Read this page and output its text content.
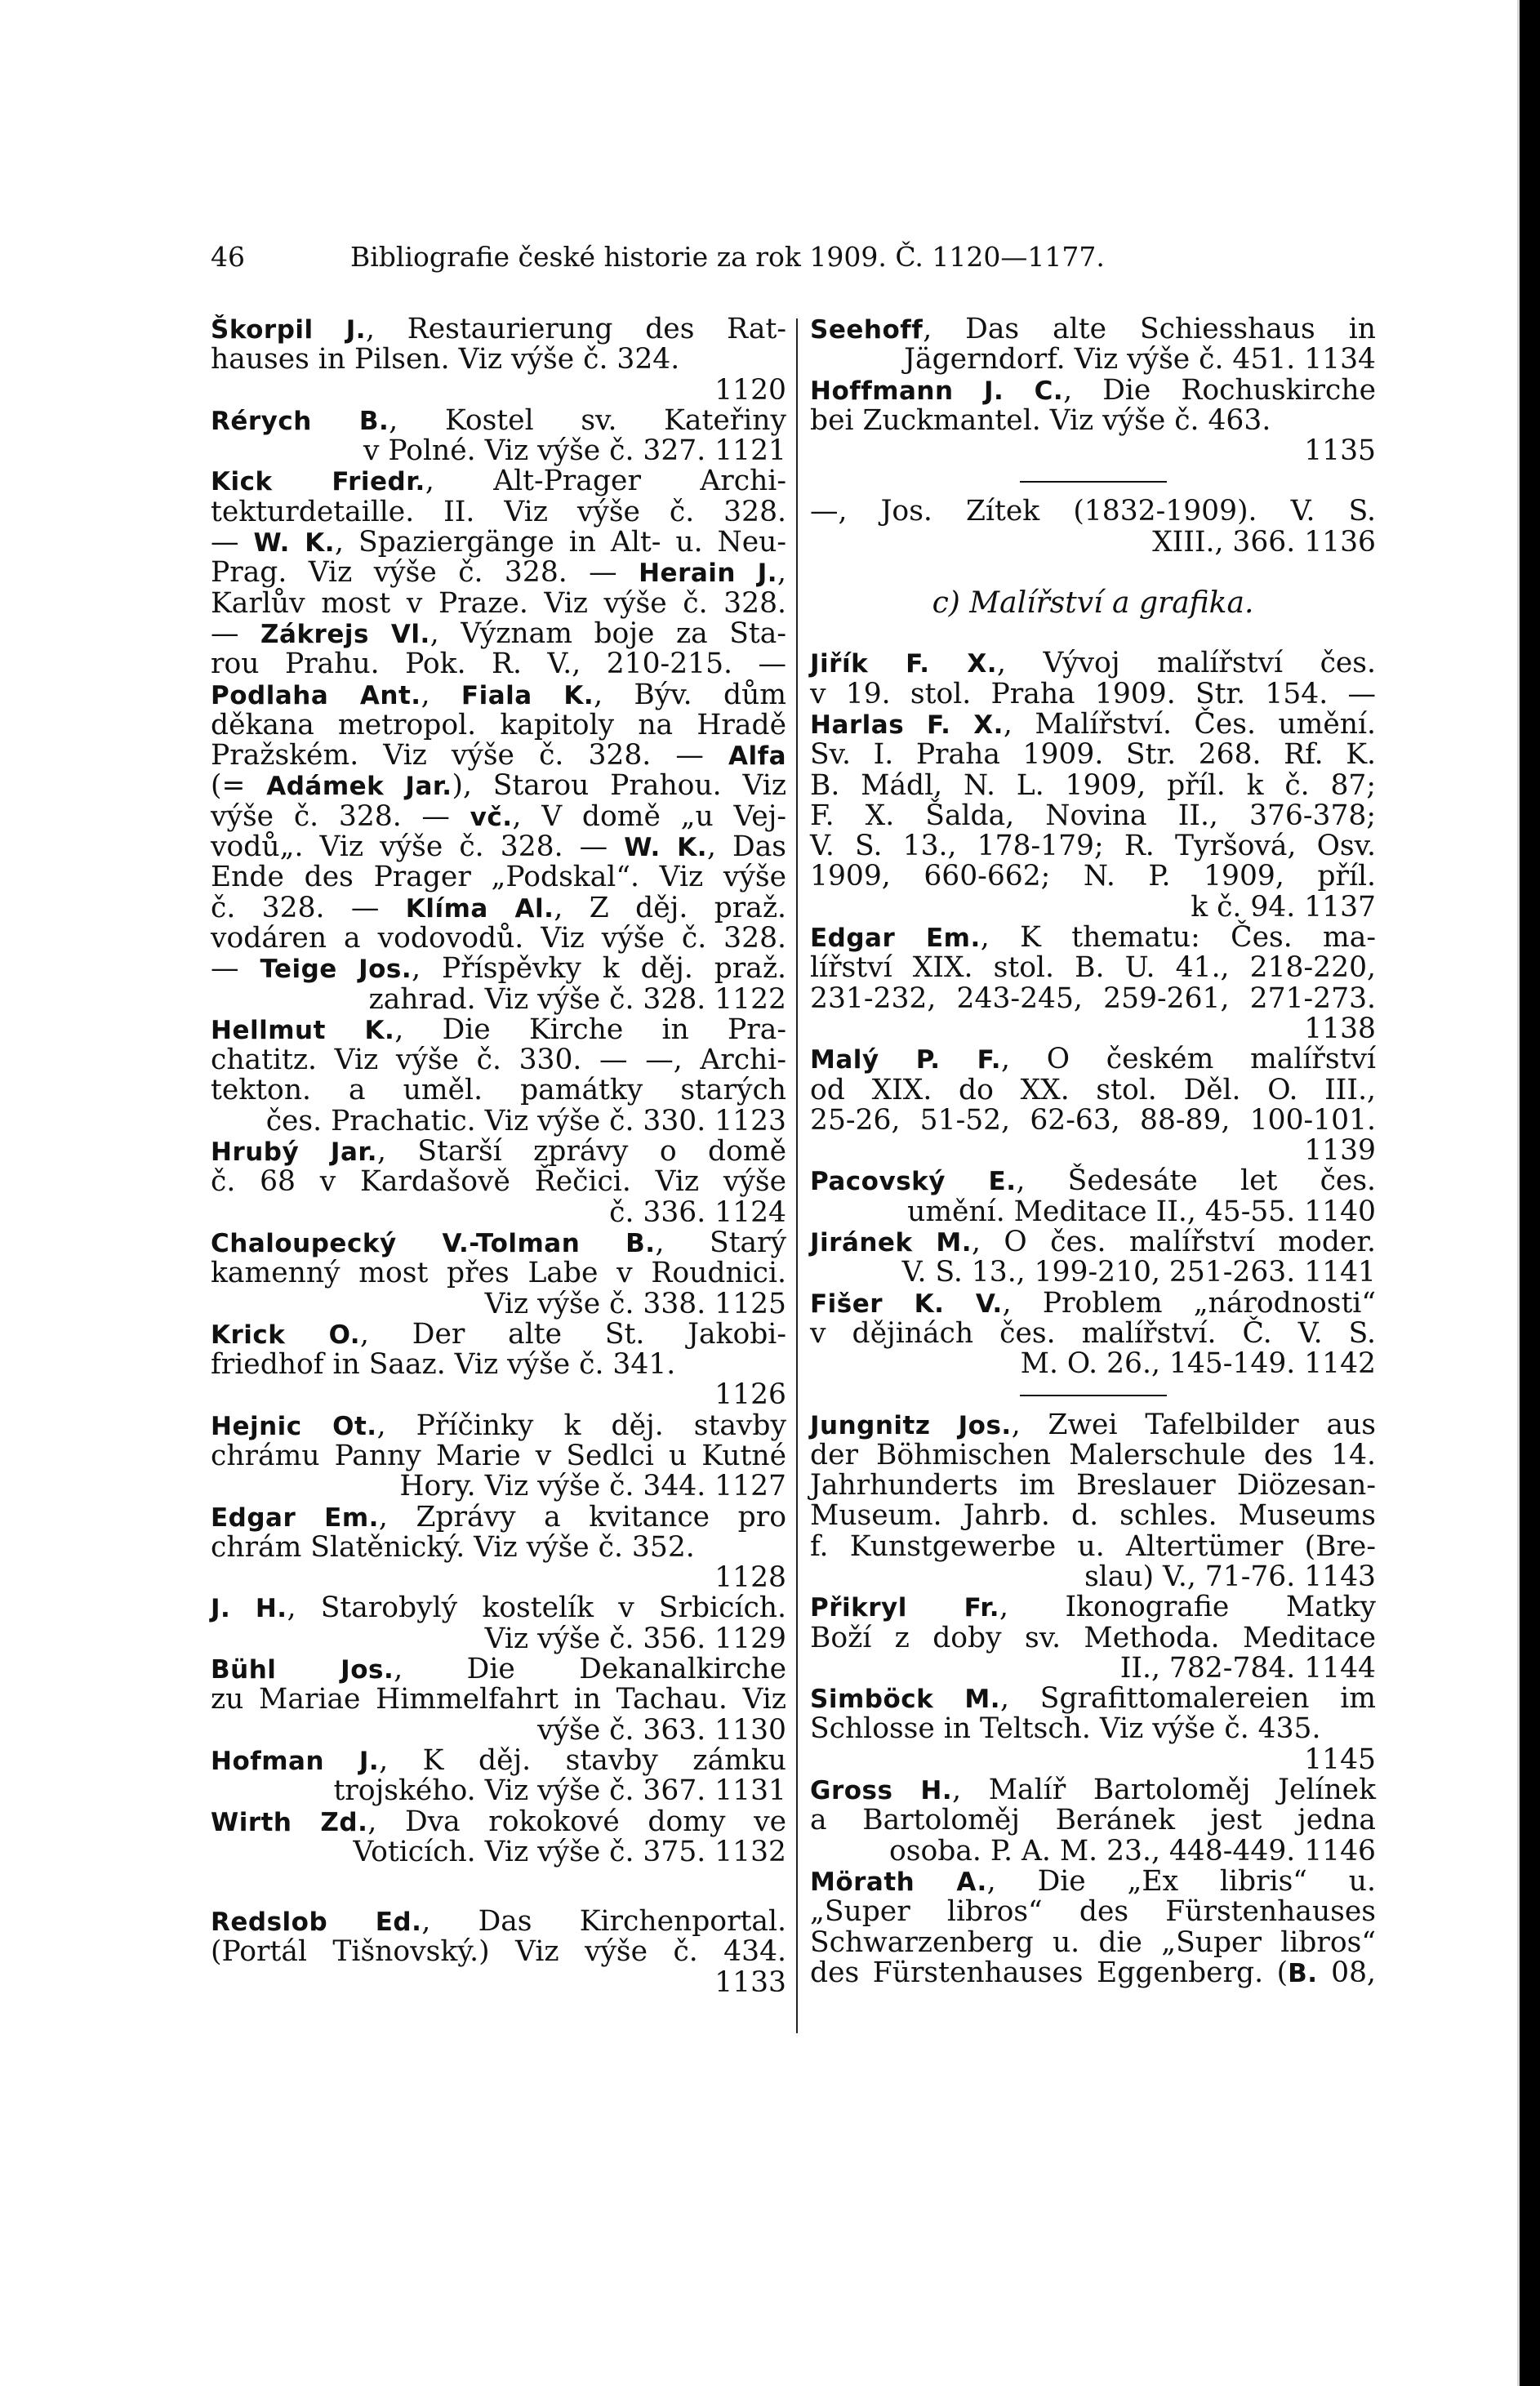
46	Bibliografie české historie za rok 1909. Č. 1120—1177.
Škorpil J., Restaurierung des Rat-
hauses in Pilsen. Viz výše č. 324.
1120
Rérych B., Kostel sv. Kateřiny
v Polné. Viz výše č. 327. 1121
Kick Friedr., Alt-Prager Archi-
tekturdetaille. II. Viz výše č. 328.
— W. K., Spaziergänge in Alt- u. Neu-
Prag. Viz výše č. 328. — Herain J.,
Karlův most v Praze. Viz výše č. 328.
— Zákrejs Vl., Význam boje za Sta-
rou Prahu. Pok. R. V., 210-215. —
Podlaha Ant., Fiala K., Býv. dům
děkana metropol. kapitoly na Hradě
Pražském. Viz výše č. 328. — Alfa
(= Adámek Jar.), Starou Prahou. Viz
výše č. 328. — vč., V domě „u Vej-
vodů„. Viz výše č. 328. — W. K., Das
Ende des Prager „Podskal“. Viz výše
č. 328. — Klíma Al., Z děj. praž.
vodáren a vodovodů. Viz výše č. 328.
— Teige Jos., Příspěvky k děj. praž.
zahrad. Viz výše č. 328. 1122
Hellmut K., Die Kirche in Pra-
chatitz. Viz výše č. 330. — —, Archi-
tekton. a uměl. památky starých
čes. Prachatic. Viz výše č. 330. 1123
Hrubý Jar., Starší zprávy o domě
č. 68 v Kardašově Řečici. Viz výše
č. 336. 1124
Chaloupecký V.-Tolman B., Starý
kamenný most přes Labe v Roudnici.
Viz výše č. 338. 1125
Krick O., Der alte St. Jakobi-
friedhof in Saaz. Viz výše č. 341.
1126
Hejnic Ot., Příčinky k děj. stavby
chrámu Panny Marie v Sedlci u Kutné
Hory. Viz výše č. 344. 1127
Edgar Em., Zprávy a kvitance pro
chrám Slatěnický. Viz výše č. 352.
1128
J. H., Starobylý kostelík v Srbicích.
Viz výše č. 356. 1129
Bühl Jos., Die Dekanalkirche
zu Mariae Himmelfahrt in Tachau. Viz
výše č. 363. 1130
Hofman J., K děj. stavby zámku
trojského. Viz výše č. 367. 1131
Wirth Zd., Dva rokokové domy ve
Voticích. Viz výše č. 375. 1132
Redslob Ed., Das Kirchenportal.
(Portál Tišnovský.) Viz výše č. 434.
1133
Seehoff, Das alte Schiesshaus in
Jägerndorf. Viz výše č. 451. 1134
Hoffmann J. C., Die Rochuskirche
bei Zuckmantel. Viz výše č. 463.
1135
—, Jos. Zítek (1832-1909). V. S.
XIII., 366. 1136
c) Malířství a grafika.
Jiřík F. X., Vývoj malířství čes.
v 19. stol. Praha 1909. Str. 154. —
Harlas F. X., Malířství. Čes. umění.
Sv. I. Praha 1909. Str. 268. Rf. K.
B. Mádl, N. L. 1909, příl. k č. 87;
F. X. Šalda, Novina II., 376-378;
V. S. 13., 178-179; R. Tyršová, Osv.
1909, 660-662; N. P. 1909, příl.
k č. 94. 1137
Edgar Em., K thematu: Čes. ma-
lířství XIX. stol. B. U. 41., 218-220,
231-232, 243-245, 259-261, 271-273.
1138
Malý P. F., O českém malířství
od XIX. do XX. stol. Děl. O. III.,
25-26, 51-52, 62-63, 88-89, 100-101.
1139
Pacovský E., Šedesáte let čes.
umění. Meditace II., 45-55. 1140
Jiránek M., O čes. malířství moder.
V. S. 13., 199-210, 251-263. 1141
Fišer K. V., Problem „národnosti“
v dějinách čes. malířství. Č. V. S.
M. O. 26., 145-149. 1142
Jungnitz Jos., Zwei Tafelbilder aus
der Böhmischen Malerschule des 14.
Jahrhunderts im Breslauer Diözesan-
Museum. Jahrb. d. schles. Museums
f. Kunstgewerbe u. Altertümer (Bre-
slau) V., 71-76. 1143
Přikryl Fr., Ikonografie Matky
Boží z doby sv. Methoda. Meditace
II., 782-784. 1144
Simböck M., Sgrafittomalereien im
Schlosse in Teltsch. Viz výše č. 435.
1145
Gross H., Malíř Bartoloměj Jelínek
a Bartoloměj Beránek jest jedna
osoba. P. A. M. 23., 448-449. 1146
Mörath A., Die „Ex libris“ u.
„Super libros“ des Fürstenhauses
Schwarzenberg u. die „Super libros“
des Fürstenhauses Eggenberg. (B. 08,
